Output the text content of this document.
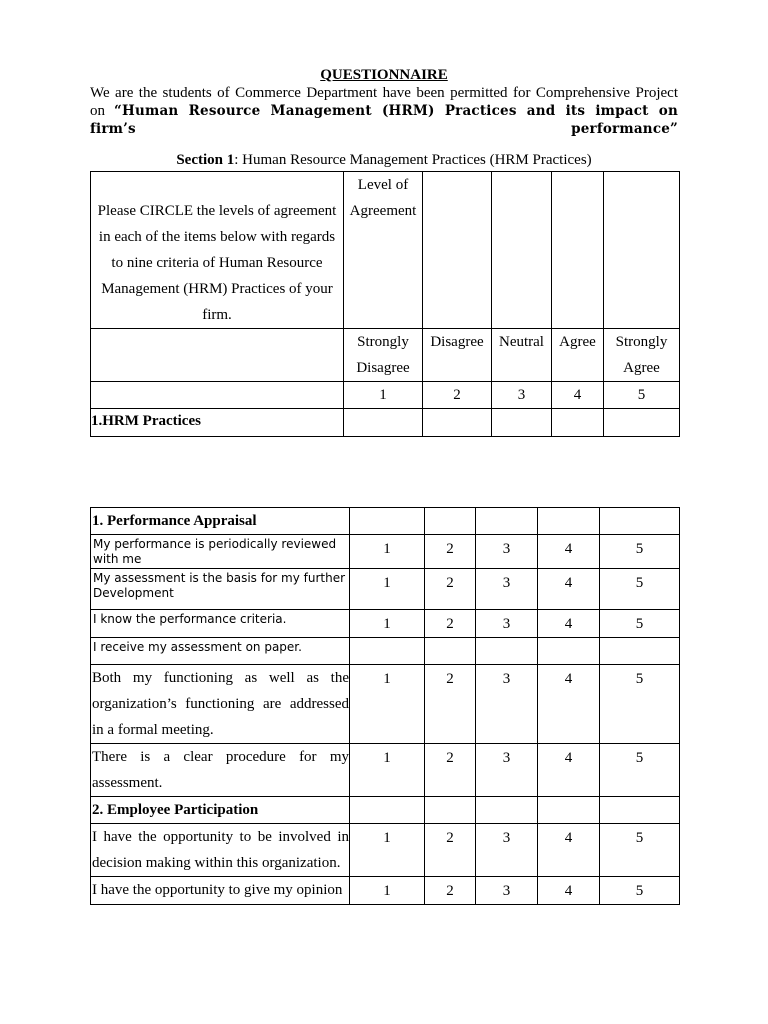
QUESTIONNAIRE
We are the students of Commerce Department have been permitted for Comprehensive Project
on “Human Resource Management (HRM) Practices and its impact on firm’s performance”
Section 1: Human Resource Management Practices (HRM Practices)
Please CIRCLE the levels of agreement in each of the items below with regards to nine criteria of Human Resource Management (HRM) Practices of your firm.	Level of Agreement				
	Strongly Disagree	Disagree	Neutral	Agree	Strongly Agree
	1	2	3	4	5
1.HRM Practices					
1. Performance Appraisal					
My performance is periodically reviewed with me	1	2	3	4	5
My assessment is the basis for my further Development	1	2	3	4	5
I know the performance criteria.	1	2	3	4	5
I receive my assessment on paper.					
Both my functioning as well as the organization’s functioning are addressed in a formal meeting.	1	2	3	4	5
There is a clear procedure for my assessment.	1	2	3	4	5
2. Employee Participation					
I have the opportunity to be involved in decision making within this organization.	1	2	3	4	5
I have the opportunity to give my opinion	1	2	3	4	5
